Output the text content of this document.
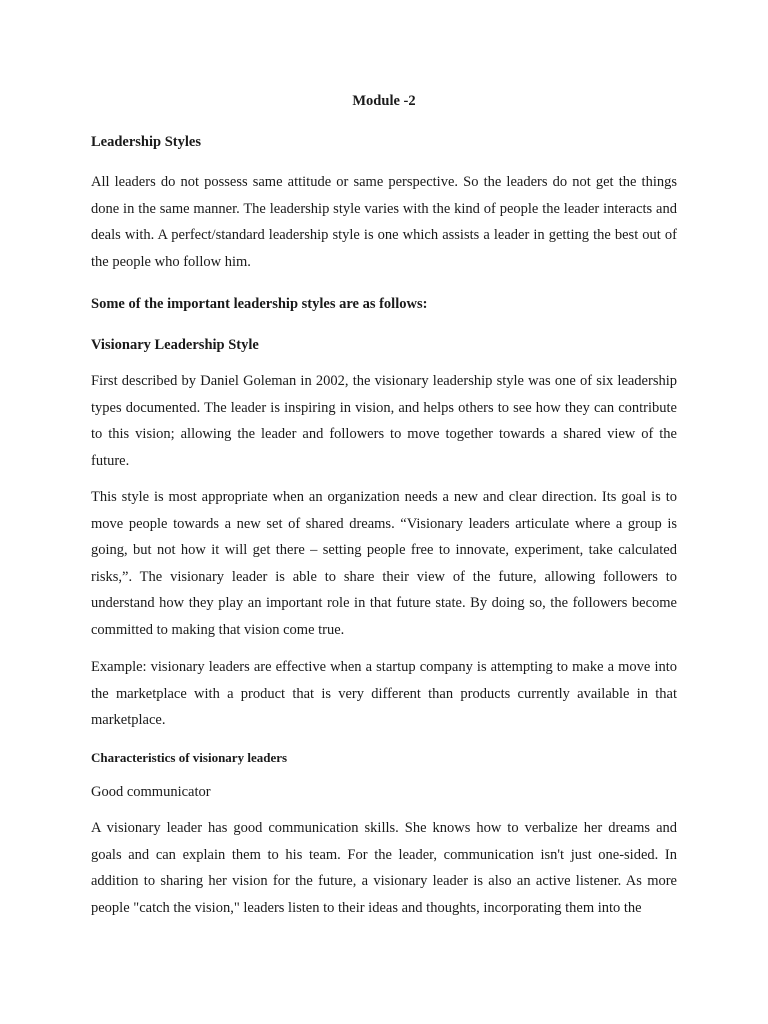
Module -2
Leadership Styles

All leaders do not possess same attitude or same perspective. So the leaders do not get the things done in the same manner. The leadership style varies with the kind of people the leader interacts and deals with. A perfect/standard leadership style is one which assists a leader in getting the best out of the people who follow him.

Some of the important leadership styles are as follows:
Visionary Leadership Style

First described by Daniel Goleman in 2002, the visionary leadership style was one of six leadership types documented. The leader is inspiring in vision, and helps others to see how they can contribute to this vision; allowing the leader and followers to move together towards a shared view of the future.

This style is most appropriate when an organization needs a new and clear direction. Its goal is to move people towards a new set of shared dreams. “Visionary leaders articulate where a group is going, but not how it will get there – setting people free to innovate, experiment, take calculated risks,”. The visionary leader is able to share their view of the future, allowing followers to understand how they play an important role in that future state. By doing so, the followers become committed to making that vision come true.

Example: visionary leaders are effective when a startup company is attempting to make a move into the marketplace with a product that is very different than products currently available in that marketplace.

Characteristics of visionary leaders
Good communicator

A visionary leader has good communication skills. She knows how to verbalize her dreams and goals and can explain them to his team. For the leader, communication isn't just one-sided. In addition to sharing her vision for the future, a visionary leader is also an active listener. As more people "catch the vision," leaders listen to their ideas and thoughts, incorporating them into the
